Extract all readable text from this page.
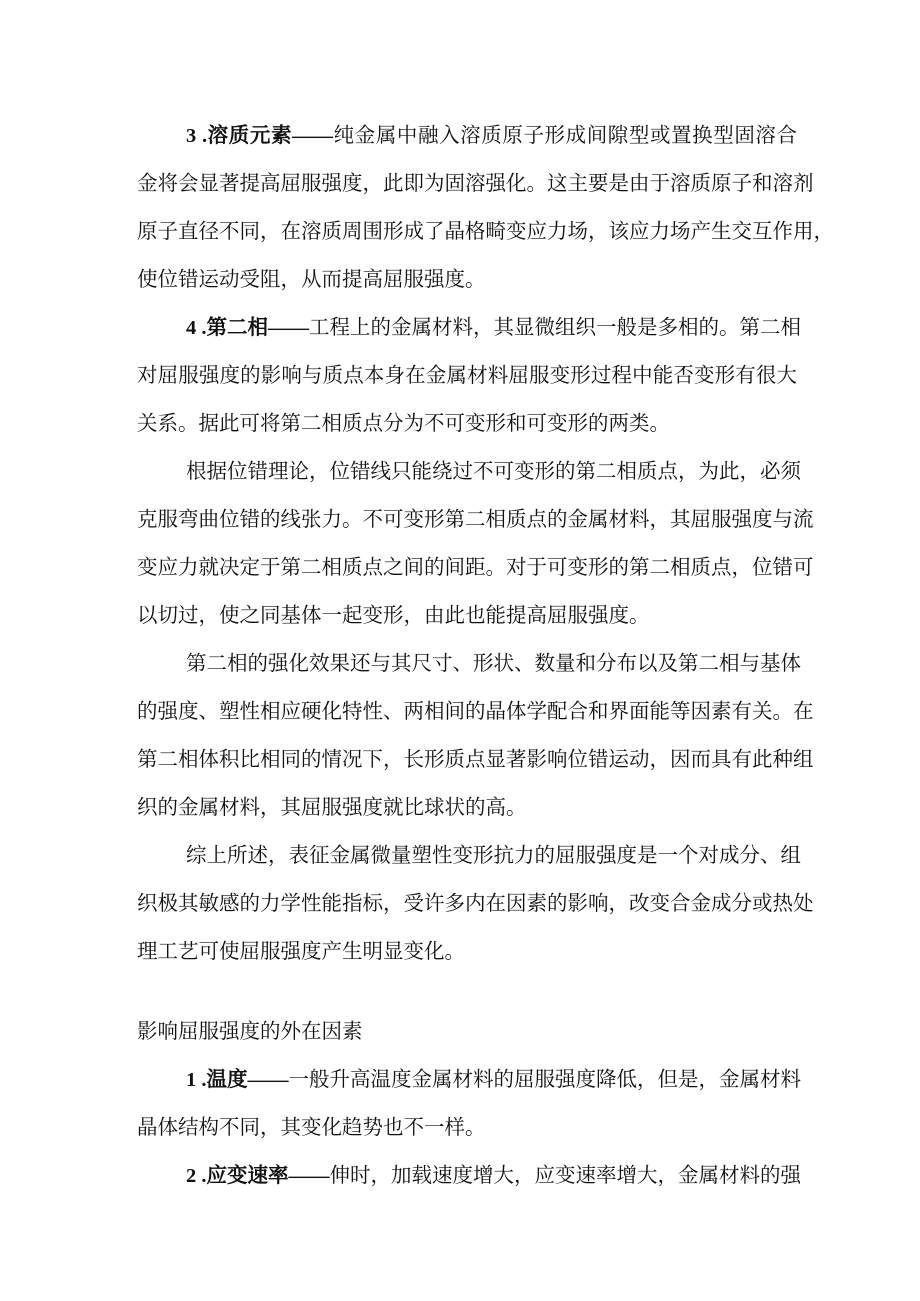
3 .溶质元素——纯金属中融入溶质原子形成间隙型或置换型固溶合
金将会显著提高屈服强度，此即为固溶强化。这主要是由于溶质原子和溶剂
原子直径不同，在溶质周围形成了晶格畸变应力场，该应力场产生交互作用，
使位错运动受阻，从而提高屈服强度。
4 .第二相——工程上的金属材料，其显微组织一般是多相的。第二相
对屈服强度的影响与质点本身在金属材料屈服变形过程中能否变形有很大
关系。据此可将第二相质点分为不可变形和可变形的两类。
根据位错理论，位错线只能绕过不可变形的第二相质点，为此，必须
克服弯曲位错的线张力。不可变形第二相质点的金属材料，其屈服强度与流
变应力就决定于第二相质点之间的间距。对于可变形的第二相质点，位错可
以切过，使之同基体一起变形，由此也能提高屈服强度。
第二相的强化效果还与其尺寸、形状、数量和分布以及第二相与基体
的强度、塑性相应硬化特性、两相间的晶体学配合和界面能等因素有关。在
第二相体积比相同的情况下，长形质点显著影响位错运动，因而具有此种组
织的金属材料，其屈服强度就比球状的高。
综上所述，表征金属微量塑性变形抗力的屈服强度是一个对成分、组
织极其敏感的力学性能指标，受许多内在因素的影响，改变合金成分或热处
理工艺可使屈服强度产生明显变化。
影响屈服强度的外在因素
1 .温度——一般升高温度金属材料的屈服强度降低，但是，金属材料
晶体结构不同，其变化趋势也不一样。
2 .应变速率——伸时，加载速度增大，应变速率增大，金属材料的强
